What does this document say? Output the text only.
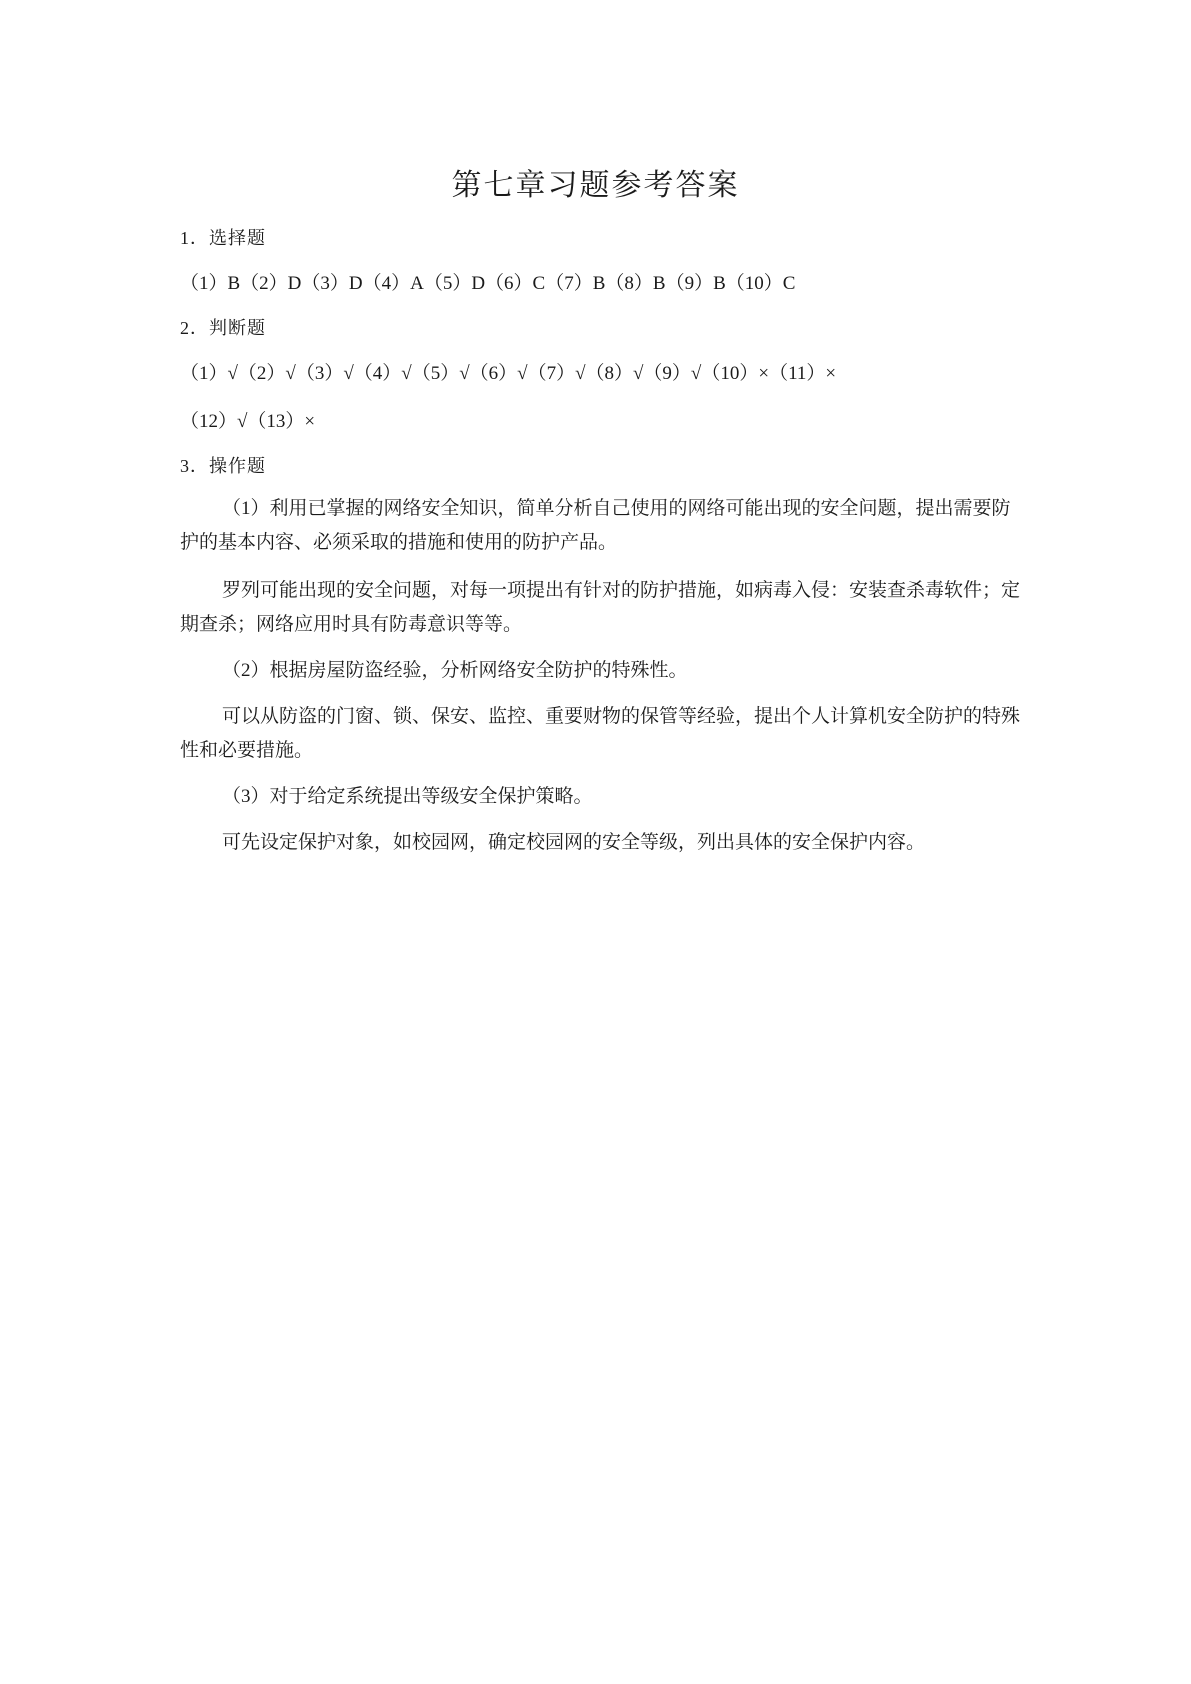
第七章习题参考答案
1．选择题
（1）B（2）D（3）D（4）A（5）D（6）C（7）B（8）B（9）B（10）C
2．判断题
（1）√（2）√（3）√（4）√（5）√（6）√（7）√（8）√（9）√（10）×（11）×
（12）√（13）×
3．操作题
（1）利用已掌握的网络安全知识，简单分析自己使用的网络可能出现的安全问题，提出需要防护的基本内容、必须采取的措施和使用的防护产品。
罗列可能出现的安全问题，对每一项提出有针对的防护措施，如病毒入侵：安装查杀毒软件；定期查杀；网络应用时具有防毒意识等等。
（2）根据房屋防盗经验，分析网络安全防护的特殊性。
可以从防盗的门窗、锁、保安、监控、重要财物的保管等经验，提出个人计算机安全防护的特殊性和必要措施。
（3）对于给定系统提出等级安全保护策略。
可先设定保护对象，如校园网，确定校园网的安全等级，列出具体的安全保护内容。
